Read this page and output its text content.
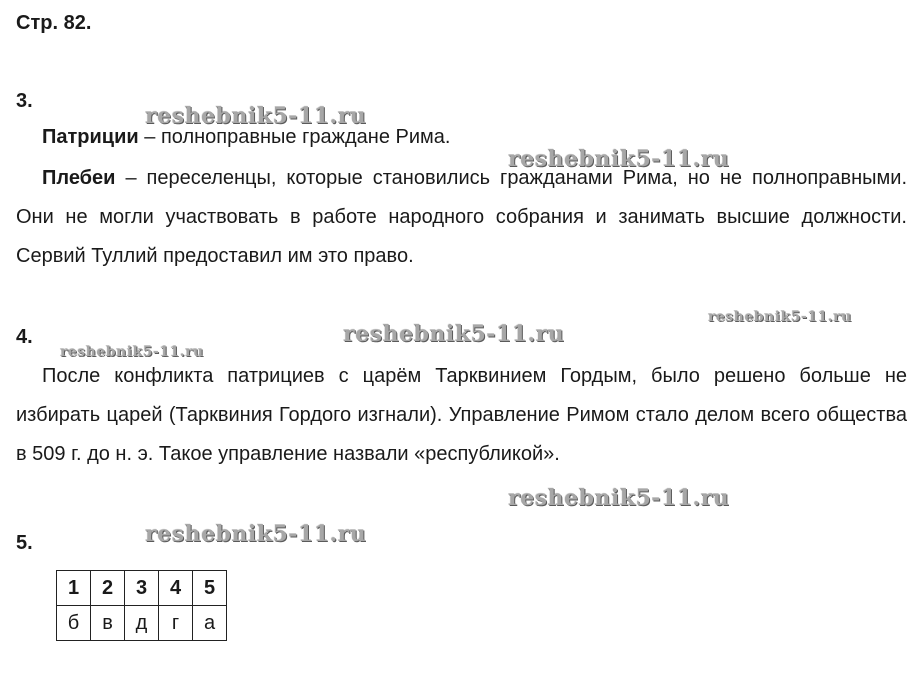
Стр. 82.
3.
Патриции – полноправные граждане Рима.
Плебеи – переселенцы, которые становились гражданами Рима, но не полноправными. Они не могли участвовать в работе народного собрания и занимать высшие должности. Сервий Туллий предоставил им это право.
4.
После конфликта патрициев с царём Тарквинием Гордым, было решено больше не избирать царей (Тарквиния Гордого изгнали). Управление Римом стало делом всего общества в 509 г. до н. э. Такое управление назвали «республикой».
5.
1	2	3	4	5
б	в	д	г	а
reshebnik5-11.ru
reshebnik5-11.ru
reshebnik5-11.ru
reshebnik5-11.ru
reshebnik5-11.ru
reshebnik5-11.ru
reshebnik5-11.ru
